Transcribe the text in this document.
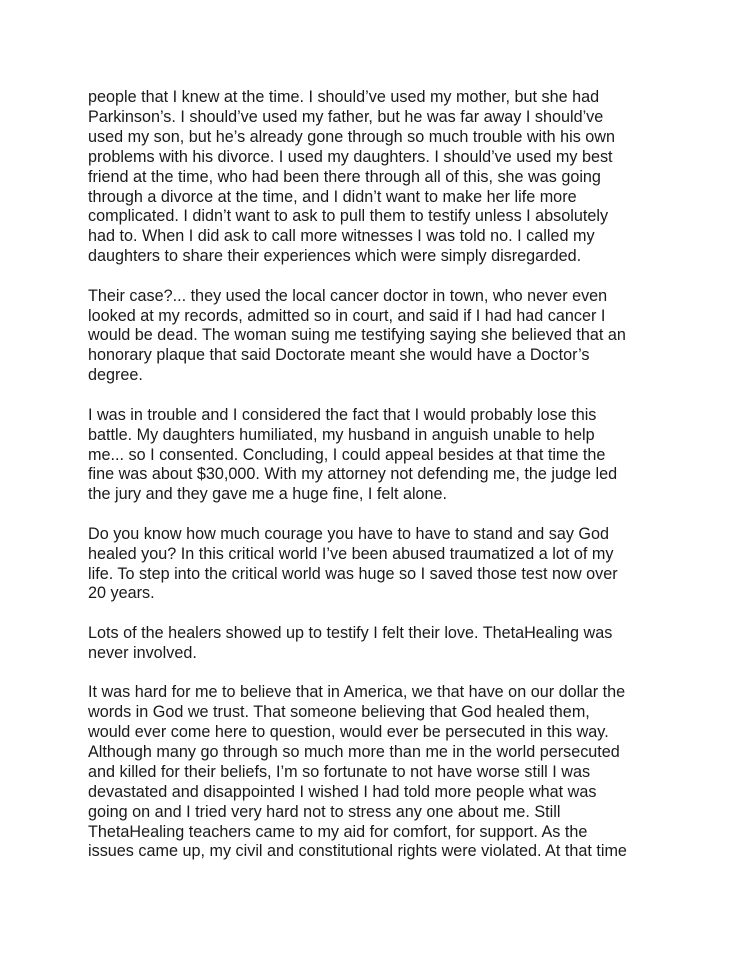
people that I knew at the time. I should’ve used my mother, but she had
Parkinson’s. I should’ve used my father, but he was far away I should’ve
used my son, but he’s already gone through so much trouble with his own
problems with his divorce. I used my daughters. I should’ve used my best
friend at the time, who had been there through all of this, she was going
through a divorce at the time, and I didn’t want to make her life more
complicated. I didn’t want to ask to pull them to testify unless I absolutely
had to. When I did ask to call more witnesses I was told no. I called my
daughters to share their experiences which were simply disregarded.

Their case?... they used the local cancer doctor in town, who never even
looked at my records, admitted so in court, and said if I had had cancer I
would be dead. The woman suing me testifying saying she believed that an
honorary plaque that said Doctorate meant she would have a Doctor’s
degree.

I was in trouble and I considered the fact that I would probably lose this
battle. My daughters humiliated, my husband in anguish unable to help
me... so I consented. Concluding, I could appeal besides at that time the
fine was about $30,000. With my attorney not defending me, the judge led
the jury and they gave me a huge fine, I felt alone.

Do you know how much courage you have to have to stand and say God
healed you? In this critical world I’ve been abused traumatized a lot of my
life. To step into the critical world was huge so I saved those test now over
20 years.

Lots of the healers showed up to testify I felt their love. ThetaHealing was
never involved.

It was hard for me to believe that in America, we that have on our dollar the
words in God we trust. That someone believing that God healed them,
would ever come here to question, would ever be persecuted in this way.
Although many go through so much more than me in the world persecuted
and killed for their beliefs, I’m so fortunate to not have worse still I was
devastated and disappointed I wished I had told more people what was
going on and I tried very hard not to stress any one about me. Still
ThetaHealing teachers came to my aid for comfort, for support. As the
issues came up, my civil and constitutional rights were violated. At that time
